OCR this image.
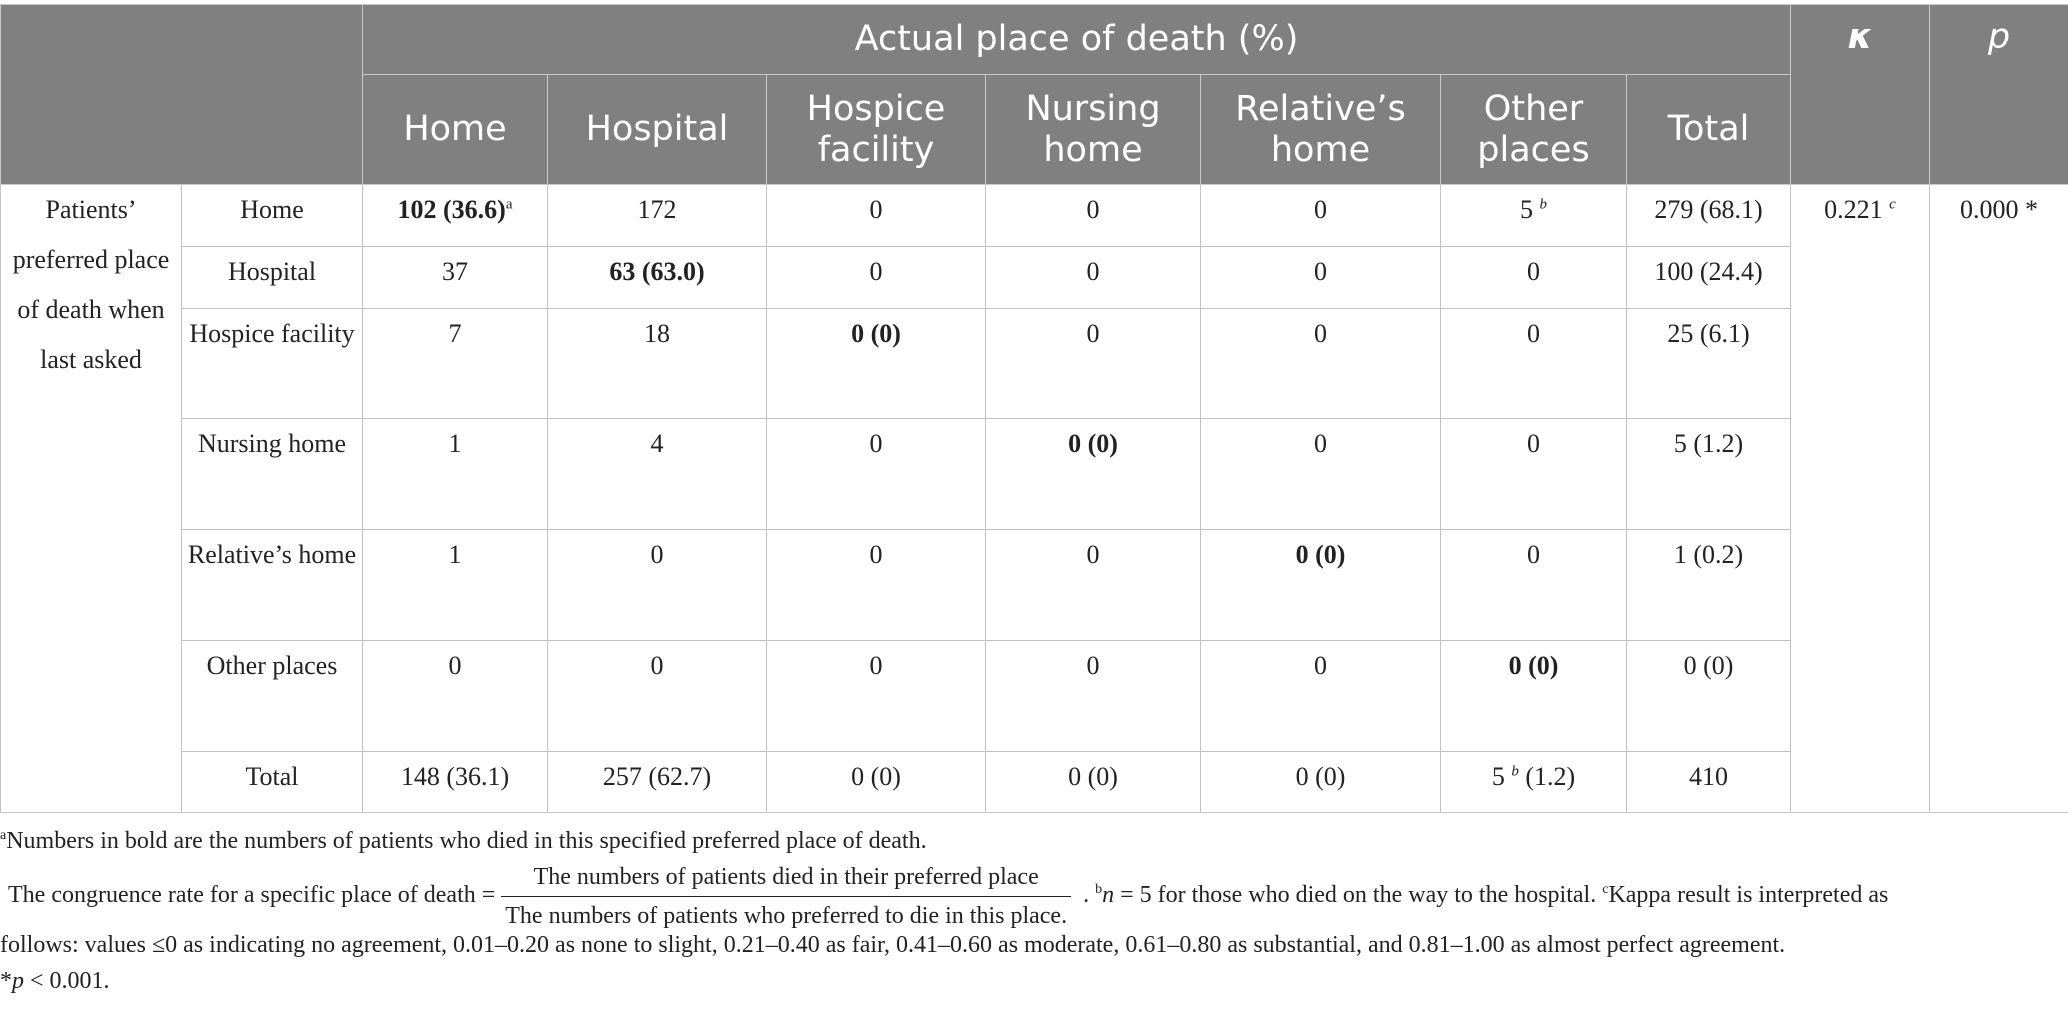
		Actual place of death (%)							κ	p
		Home	Hospital	Hospice facility	Nursing home	Relative’s home	Other places	Total		
Patients’ preferred place of death when last asked	Home	102 $(36.6)^a$	172	0	0	0	5 $^b$	279 (68.1)	0.221 $^c$	0.000 *
	Hospital	37	63 (63.0)	0	0	0	0	100 (24.4)		
	Hospice facility	7	18	0 (0)	0	0	0	25 (6.1)		
	Nursing home	1	4	0	0 (0)	0	0	5 (1.2)		
	Relative’s home	1	0	0	0	0 (0)	0	1 (0.2)		
	Other places	0	0	0	0	0	0 (0)	0 (0)		
	Total	148 (36.1)	257 (62.7)	0 (0)	0 (0)	0 (0)	5 $^b$ (1.2)	410		
$^a$Numbers in bold are the numbers of patients who died in this specified preferred place of death.
The congruence rate for a specific place of death = $\frac{\text{The numbers of patients died in their preferred place}}{\text{The numbers of patients who preferred to die in this place.}}$ . $^b$n = 5 for those who died on the way to the hospital. $^c$Kappa result is interpreted as
follows: values ≤0 as indicating no agreement, 0.01–0.20 as none to slight, 0.21–0.40 as fair, 0.41–0.60 as moderate, 0.61–0.80 as substantial, and 0.81–1.00 as almost perfect agreement.
*p < 0.001.
